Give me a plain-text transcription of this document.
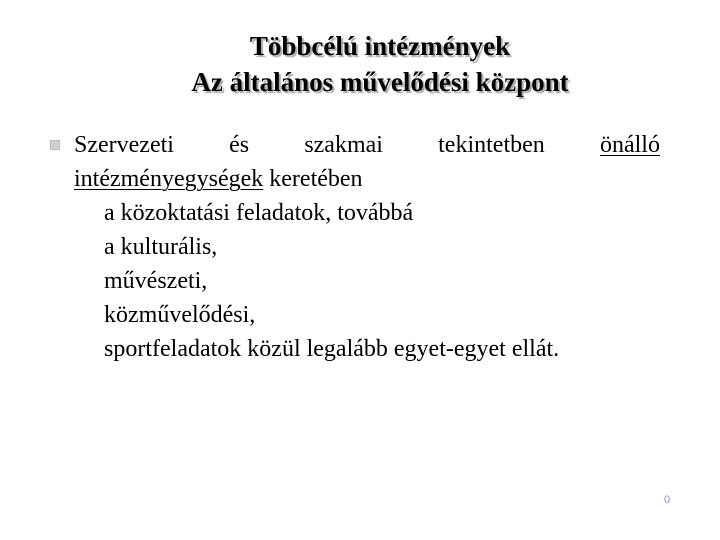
Többcélú intézmények
Az általános művelődési központ
Szervezeti és szakmai tekintetben önálló
intézményegységek keretében
a közoktatási feladatok, továbbá
a kulturális,
művészeti,
közművelődési,
sportfeladatok közül legalább egyet-egyet ellát.
0
